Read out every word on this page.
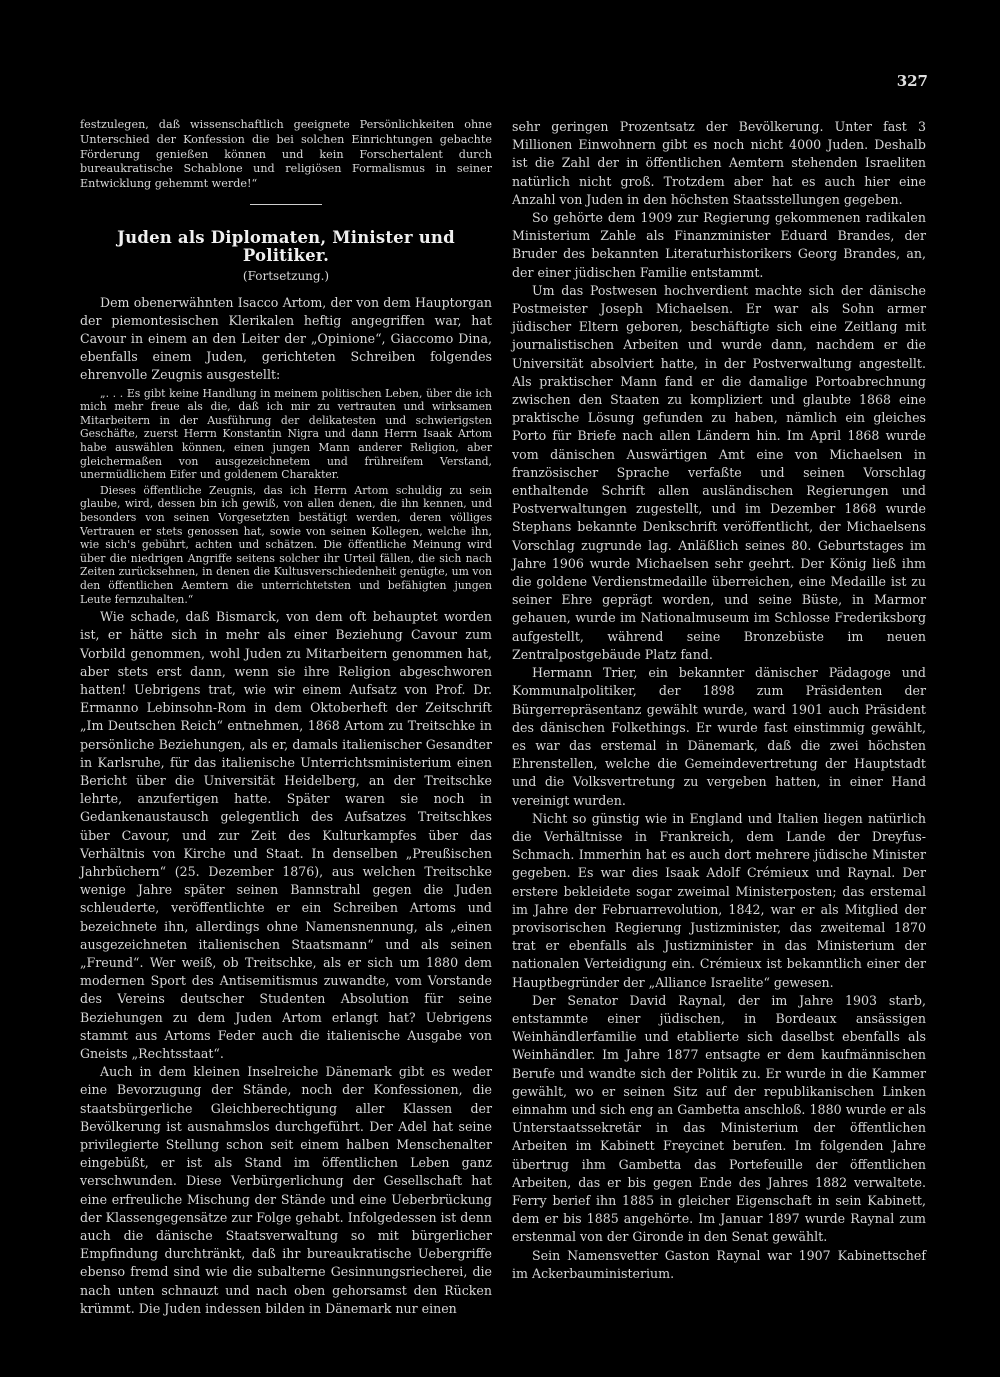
327

festzulegen, daß wissenschaftlich geeignete Persönlichkeiten ohne Unterschied der Konfession die bei solchen Einrichtungen gebachte Förderung genießen können und kein Forschertalent durch bureaukratische Schablone und religiösen Formalismus in seiner Entwicklung gehemmt werde!“

Juden als Diplomaten, Minister und Politiker.
(Fortsetzung.)

Dem obenerwähnten Isacco Artom, der von dem Hauptorgan der piemontesischen Klerikalen heftig angegriffen war, hat Cavour in einem an den Leiter der „Opinione“, Giaccomo Dina, ebenfalls einem Juden, gerichteten Schreiben folgendes ehrenvolle Zeugnis ausgestellt:

„. . . Es gibt keine Handlung in meinem politischen Leben, über die ich mich mehr freue als die, daß ich mir zu vertrauten und wirksamen Mitarbeitern in der Ausführung der delikatesten und schwierigsten Geschäfte, zuerst Herrn Konstantin Nigra und dann Herrn Isaak Artom habe auswählen können, einen jungen Mann anderer Religion, aber gleichermaßen von ausgezeichnetem und frühreifem Verstand, unermüdlichem Eifer und goldenem Charakter.

Dieses öffentliche Zeugnis, das ich Herrn Artom schuldig zu sein glaube, wird, dessen bin ich gewiß, von allen denen, die ihn kennen, und besonders von seinen Vorgesetzten bestätigt werden, deren völliges Vertrauen er stets genossen hat, sowie von seinen Kollegen, welche ihn, wie sich's gebührt, achten und schätzen. Die öffentliche Meinung wird über die niedrigen Angriffe seitens solcher ihr Urteil fällen, die sich nach Zeiten zurücksehnen, in denen die Kultusverschiedenheit genügte, um von den öffentlichen Aemtern die unterrichtetsten und befähigten jungen Leute fernzuhalten.“

Wie schade, daß Bismarck, von dem oft behauptet worden ist, er hätte sich in mehr als einer Beziehung Cavour zum Vorbild genommen, wohl Juden zu Mitarbeitern genommen hat, aber stets erst dann, wenn sie ihre Religion abgeschworen hatten! Uebrigens trat, wie wir einem Aufsatz von Prof. Dr. Ermanno Lebinsohn-Rom in dem Oktoberheft der Zeitschrift „Im Deutschen Reich“ entnehmen, 1868 Artom zu Treitschke in persönliche Beziehungen, als er, damals italienischer Gesandter in Karlsruhe, für das italienische Unterrichtsministerium einen Bericht über die Universität Heidelberg, an der Treitschke lehrte, anzufertigen hatte. Später waren sie noch in Gedankenaustausch gelegentlich des Aufsatzes Treitschkes über Cavour, und zur Zeit des Kulturkampfes über das Verhältnis von Kirche und Staat. In denselben „Preußischen Jahrbüchern“ (25. Dezember 1876), aus welchen Treitschke wenige Jahre später seinen Bannstrahl gegen die Juden schleuderte, veröffentlichte er ein Schreiben Artoms und bezeichnete ihn, allerdings ohne Namensnennung, als „einen ausgezeichneten italienischen Staatsmann“ und als seinen „Freund“. Wer weiß, ob Treitschke, als er sich um 1880 dem modernen Sport des Antisemitismus zuwandte, vom Vorstande des Vereins deutscher Studenten Absolution für seine Beziehungen zu dem Juden Artom erlangt hat? Uebrigens stammt aus Artoms Feder auch die italienische Ausgabe von Gneists „Rechtsstaat“.

Auch in dem kleinen Inselreiche Dänemark gibt es weder eine Bevorzugung der Stände, noch der Konfessionen, die staatsbürgerliche Gleichberechtigung aller Klassen der Bevölkerung ist ausnahmslos durchgeführt. Der Adel hat seine privilegierte Stellung schon seit einem halben Menschenalter eingebüßt, er ist als Stand im öffentlichen Leben ganz verschwunden. Diese Verbürgerlichung der Gesellschaft hat eine erfreuliche Mischung der Stände und eine Ueberbrückung der Klassengegensätze zur Folge gehabt. Infolgedessen ist denn auch die dänische Staatsverwaltung so mit bürgerlicher Empfindung durchtränkt, daß ihr bureaukratische Uebergriffe ebenso fremd sind wie die subalterne Gesinnungsriecherei, die nach unten schnauzt und nach oben gehorsamst den Rücken krümmt. Die Juden indessen bilden in Dänemark nur einen

sehr geringen Prozentsatz der Bevölkerung. Unter fast 3 Millionen Einwohnern gibt es noch nicht 4000 Juden. Deshalb ist die Zahl der in öffentlichen Aemtern stehenden Israeliten natürlich nicht groß. Trotzdem aber hat es auch hier eine Anzahl von Juden in den höchsten Staatsstellungen gegeben.

So gehörte dem 1909 zur Regierung gekommenen radikalen Ministerium Zahle als Finanzminister Eduard Brandes, der Bruder des bekannten Literaturhistorikers Georg Brandes, an, der einer jüdischen Familie entstammt.

Um das Postwesen hochverdient machte sich der dänische Postmeister Joseph Michaelsen. Er war als Sohn armer jüdischer Eltern geboren, beschäftigte sich eine Zeitlang mit journalistischen Arbeiten und wurde dann, nachdem er die Universität absolviert hatte, in der Postverwaltung angestellt. Als praktischer Mann fand er die damalige Portoabrechnung zwischen den Staaten zu kompliziert und glaubte 1868 eine praktische Lösung gefunden zu haben, nämlich ein gleiches Porto für Briefe nach allen Ländern hin. Im April 1868 wurde vom dänischen Auswärtigen Amt eine von Michaelsen in französischer Sprache verfaßte und seinen Vorschlag enthaltende Schrift allen ausländischen Regierungen und Postverwaltungen zugestellt, und im Dezember 1868 wurde Stephans bekannte Denkschrift veröffentlicht, der Michaelsens Vorschlag zugrunde lag. Anläßlich seines 80. Geburtstages im Jahre 1906 wurde Michaelsen sehr geehrt. Der König ließ ihm die goldene Verdienstmedaille überreichen, eine Medaille ist zu seiner Ehre geprägt worden, und seine Büste, in Marmor gehauen, wurde im Nationalmuseum im Schlosse Frederiksborg aufgestellt, während seine Bronzebüste im neuen Zentralpostgebäude Platz fand.

Hermann Trier, ein bekannter dänischer Pädagoge und Kommunalpolitiker, der 1898 zum Präsidenten der Bürgerrepräsentanz gewählt wurde, ward 1901 auch Präsident des dänischen Folkethings. Er wurde fast einstimmig gewählt, es war das erstemal in Dänemark, daß die zwei höchsten Ehrenstellen, welche die Gemeindevertretung der Hauptstadt und die Volksvertretung zu vergeben hatten, in einer Hand vereinigt wurden.

Nicht so günstig wie in England und Italien liegen natürlich die Verhältnisse in Frankreich, dem Lande der Dreyfus-Schmach. Immerhin hat es auch dort mehrere jüdische Minister gegeben. Es war dies Isaak Adolf Crémieux und Raynal. Der erstere bekleidete sogar zweimal Ministerposten; das erstemal im Jahre der Februarrevolution, 1842, war er als Mitglied der provisorischen Regierung Justizminister, das zweitemal 1870 trat er ebenfalls als Justizminister in das Ministerium der nationalen Verteidigung ein. Crémieux ist bekanntlich einer der Hauptbegründer der „Alliance Israelite“ gewesen.

Der Senator David Raynal, der im Jahre 1903 starb, entstammte einer jüdischen, in Bordeaux ansässigen Weinhändlerfamilie und etablierte sich daselbst ebenfalls als Weinhändler. Im Jahre 1877 entsagte er dem kaufmännischen Berufe und wandte sich der Politik zu. Er wurde in die Kammer gewählt, wo er seinen Sitz auf der republikanischen Linken einnahm und sich eng an Gambetta anschloß. 1880 wurde er als Unterstaatssekretär in das Ministerium der öffentlichen Arbeiten im Kabinett Freycinet berufen. Im folgenden Jahre übertrug ihm Gambetta das Portefeuille der öffentlichen Arbeiten, das er bis gegen Ende des Jahres 1882 verwaltete. Ferry berief ihn 1885 in gleicher Eigenschaft in sein Kabinett, dem er bis 1885 angehörte. Im Januar 1897 wurde Raynal zum erstenmal von der Gironde in den Senat gewählt.

Sein Namensvetter Gaston Raynal war 1907 Kabinettschef im Ackerbauministerium.
